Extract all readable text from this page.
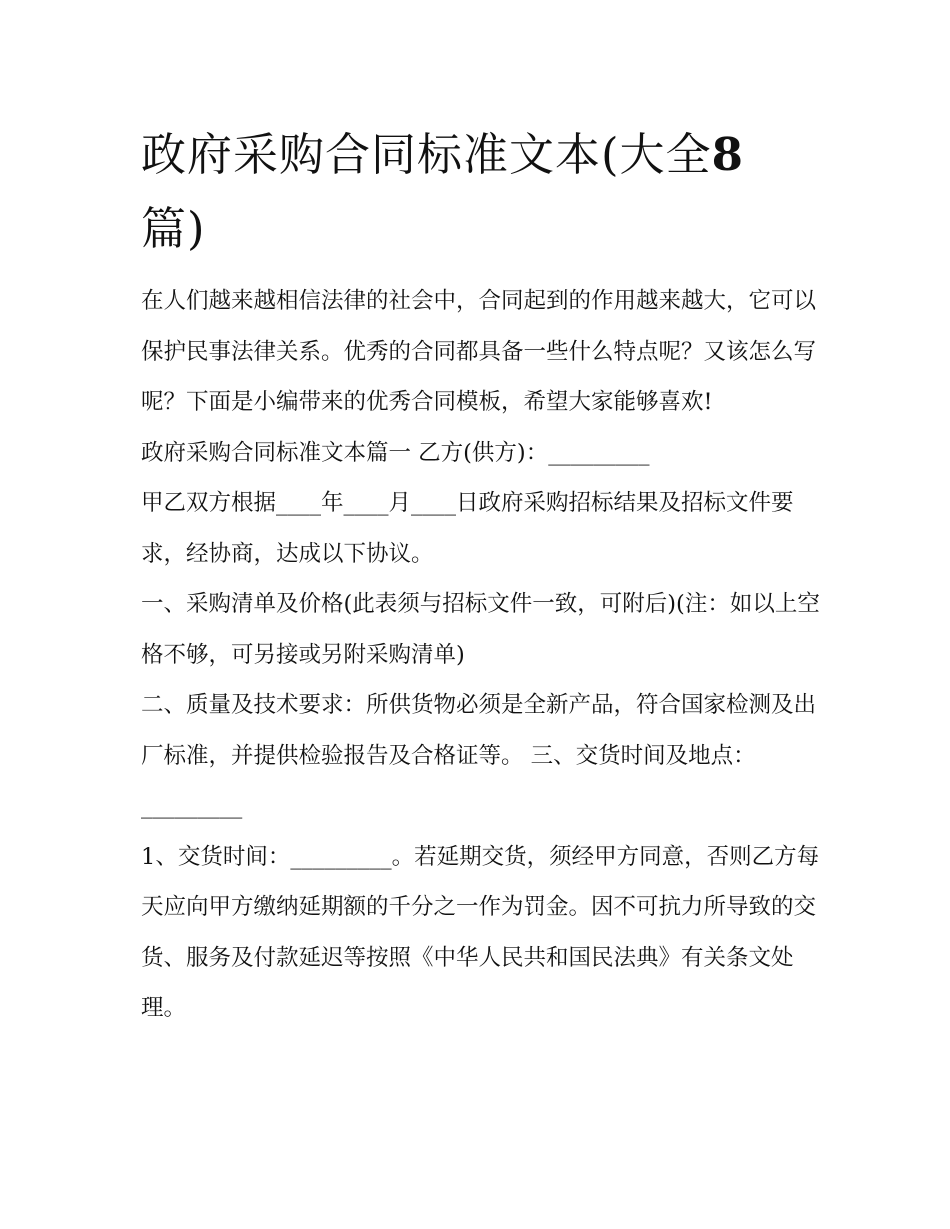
政府采购合同标准文本(大全8
篇)

在人们越来越相信法律的社会中，合同起到的作用越来越大，它可以保护民事法律关系。优秀的合同都具备一些什么特点呢？又该怎么写呢？下面是小编带来的优秀合同模板，希望大家能够喜欢!

政府采购合同标准文本篇一 乙方(供方)：_________

甲乙双方根据____年____月____日政府采购招标结果及招标文件要求，经协商，达成以下协议。

一、采购清单及价格(此表须与招标文件一致，可附后)(注：如以上空格不够，可另接或另附采购清单)

二、质量及技术要求：所供货物必须是全新产品，符合国家检测及出厂标准，并提供检验报告及合格证等。 三、交货时间及地点：_________

1、交货时间：_________。若延期交货，须经甲方同意，否则乙方每天应向甲方缴纳延期额的千分之一作为罚金。因不可抗力所导致的交货、服务及付款延迟等按照《中华人民共和国民法典》有关条文处理。
